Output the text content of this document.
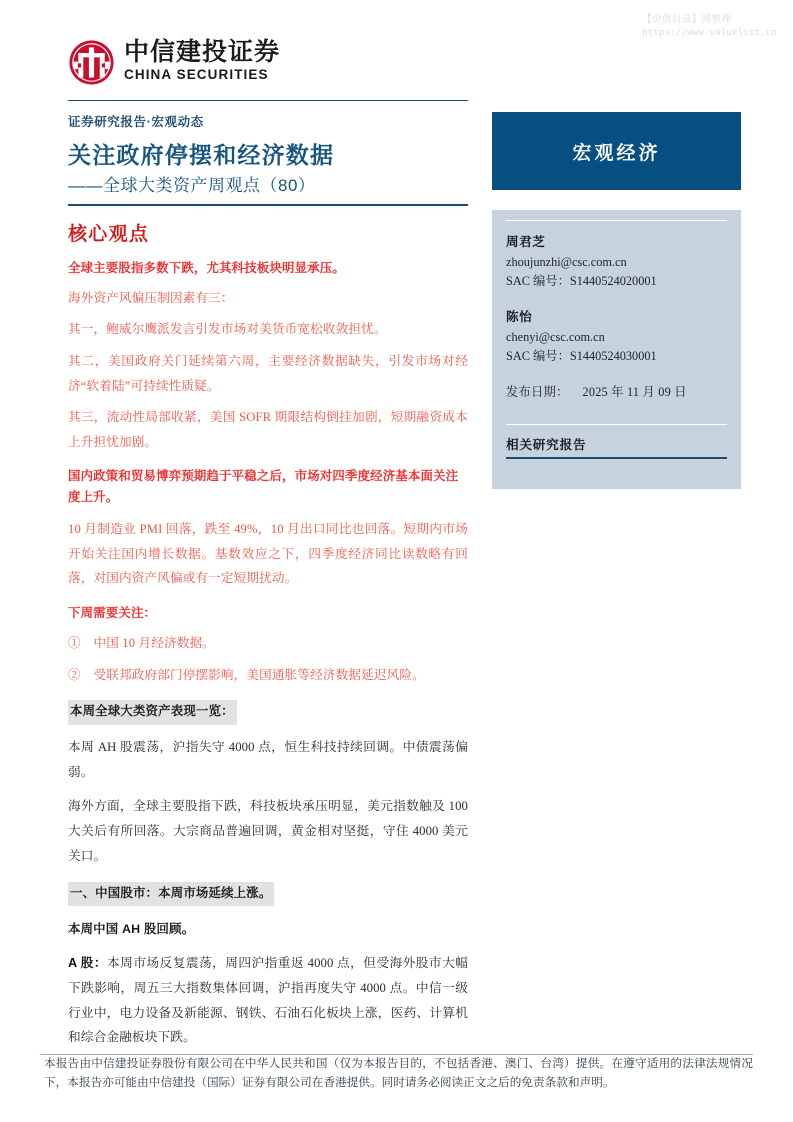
【价值目录】网整理
https://www.valuelist.cn
中信建投证券
CHINA SECURITIES
证券研究报告·宏观动态
关注政府停摆和经济数据
——全球大类资产周观点（80）
核心观点
全球主要股指多数下跌，尤其科技板块明显承压。
海外资产风偏压制因素有三：
其一，鲍威尔鹰派发言引发市场对美货币宽松收敛担忧。
其二，美国政府关门延续第六周，主要经济数据缺失，引发市场对经济“软着陆”可持续性质疑。
其三，流动性局部收紧，美国 SOFR 期限结构倒挂加剧，短期融资成本上升担忧加剧。
国内政策和贸易博弈预期趋于平稳之后，市场对四季度经济基本面关注度上升。
10 月制造业 PMI 回落，跌至 49%，10 月出口同比也回落。短期内市场开始关注国内增长数据。基数效应之下，四季度经济同比读数略有回落，对国内资产风偏或有一定短期扰动。
下周需要关注：
①　中国 10 月经济数据。
②　受联邦政府部门停摆影响，美国通胀等经济数据延迟风险。
本周全球大类资产表现一览：
本周 AH 股震荡，沪指失守 4000 点，恒生科技持续回调。中债震荡偏弱。
海外方面，全球主要股指下跌，科技板块承压明显，美元指数触及 100 大关后有所回落。大宗商品普遍回调，黄金相对坚挺，守住 4000 美元关口。
一、中国股市：本周市场延续上涨。
本周中国 AH 股回顾。
A 股：本周市场反复震荡，周四沪指重返 4000 点，但受海外股市大幅下跌影响，周五三大指数集体回调，沪指再度失守 4000 点。中信一级行业中，电力设备及新能源、钢铁、石油石化板块上涨，医药、计算机和综合金融板块下跌。
宏观经济
周君芝
zhoujunzhi@csc.com.cn
SAC 编号：S1440524020001
陈怡
chenyi@csc.com.cn
SAC 编号：S1440524030001
发布日期： 2025 年 11 月 09 日
相关研究报告
本报告由中信建投证券股份有限公司在中华人民共和国（仅为本报告目的，不包括香港、澳门、台湾）提供。在遵守适用的法律法规情况下，本报告亦可能由中信建投（国际）证券有限公司在香港提供。同时请务必阅读正文之后的免责条款和声明。
